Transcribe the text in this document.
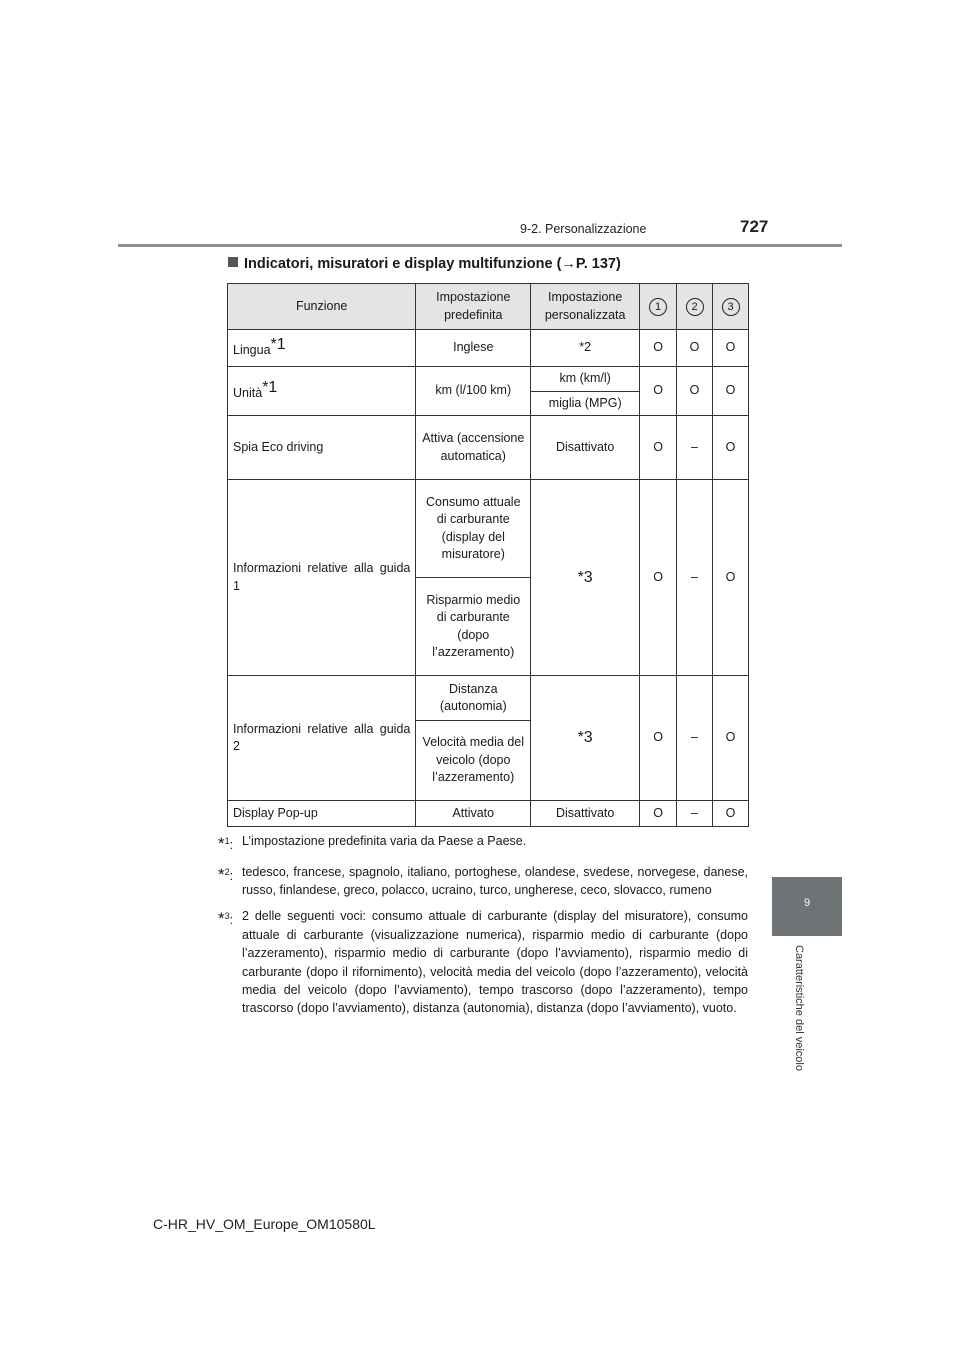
9-2. Personalizzazione	727
9
Caratteristiche del veicolo
Indicatori, misuratori e display multifunzione (→P. 137)
Funzione	Impostazione predefinita	Impostazione personalizzata	1	2	3
Lingua$^{*1}$	Inglese	*2	O	O	O
Unità$^{*1}$	km (l/100 km)	km (km/l)	O	O	O
		miglia (MPG)			
Spia Eco driving	Attiva (accensione automatica)	Disattivato	O	–	O
Informazioni relative alla guida 1	Consumo attuale di carburante (display del misuratore)	*3	O	–	O
	Risparmio medio di carburante (dopo l’azzeramento)				
Informazioni relative alla guida 2	Distanza (autonomia)	*3	O	–	O
	Velocità media del veicolo (dopo l’azzeramento)				
Display Pop-up	Attivato	Disattivato	O	–	O
*$^1$: L’impostazione predefinita varia da Paese a Paese.
*$^2$: tedesco, francese, spagnolo, italiano, portoghese, olandese, svedese, norvegese, danese, russo, finlandese, greco, polacco, ucraino, turco, ungherese, ceco, slovacco, rumeno
*$^3$: 2 delle seguenti voci: consumo attuale di carburante (display del misuratore), consumo attuale di carburante (visualizzazione numerica), risparmio medio di carburante (dopo l’azzeramento), risparmio medio di carburante (dopo l’avviamento), risparmio medio di carburante (dopo il rifornimento), velocità media del veicolo (dopo l’azzeramento), velocità media del veicolo (dopo l’avviamento), tempo trascorso (dopo l’azzeramento), tempo trascorso (dopo l’avviamento), distanza (autonomia), distanza (dopo l’avviamento), vuoto.
C-HR_HV_OM_Europe_OM10580L
